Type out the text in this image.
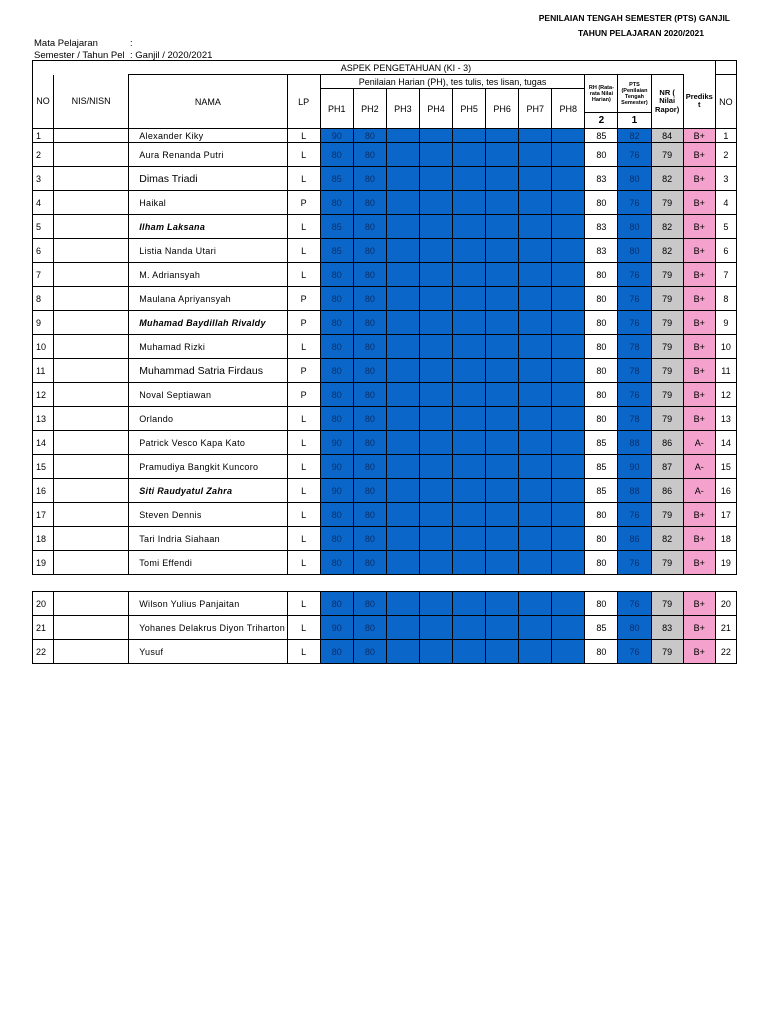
PENILAIAN TENGAH SEMESTER (PTS) GANJIL
TAHUN PELAJARAN 2020/2021
Mata Pelajaran	:
Semester / Tahun Pel : Ganjil / 2020/2021
		ASPEK PENGETAHUAN (KI - 3)														
NO	NIS/NISN	NAMA	LP	Penilaian Harian (PH), tes tulis, tes lisan, tugas								RH (Rata-rata Nilai Harian)	PTS (Penilaian Tengah Semester)	NR ( Nilai Rapor)	Prediks t	NO
				PH1	PH2	PH3	PH4	PH5	PH6	PH7	PH8					
												2	1			
1		Alexander Kiky	L	90	80							85	82	84	B+	1
2		Aura Renanda Putri	L	80	80							80	76	79	B+	2
3		Dimas Triadi	L	85	80							83	80	82	B+	3
4		Haikal	P	80	80							80	76	79	B+	4
5		Ilham Laksana	L	85	80							83	80	82	B+	5
6		Listia Nanda Utari	L	85	80							83	80	82	B+	6
7		M. Adriansyah	L	80	80							80	76	79	B+	7
8		Maulana Apriyansyah	P	80	80							80	76	79	B+	8
9		Muhamad Baydillah Rivaldy	P	80	80							80	76	79	B+	9
10		Muhamad Rizki	L	80	80							80	78	79	B+	10
11		Muhammad Satria Firdaus	P	80	80							80	78	79	B+	11
12		Noval Septiawan	P	80	80							80	76	79	B+	12
13		Orlando	L	80	80							80	78	79	B+	13
14		Patrick Vesco Kapa Kato	L	90	80							85	88	86	A-	14
15		Pramudiya Bangkit Kuncoro	L	90	80							85	90	87	A-	15
16		Siti Raudyatul Zahra	L	90	80							85	88	86	A-	16
17		Steven Dennis	L	80	80							80	76	79	B+	17
18		Tari Indria Siahaan	L	80	80							80	86	82	B+	18
19		Tomi Effendi	L	80	80							80	76	79	B+	19

20		Wilson Yulius Panjaitan	L	80	80							80	76	79	B+	20
21		Yohanes Delakrus Diyon Triharton	L	90	80							85	80	83	B+	21
22		Yusuf	L	80	80							80	76	79	B+	22
